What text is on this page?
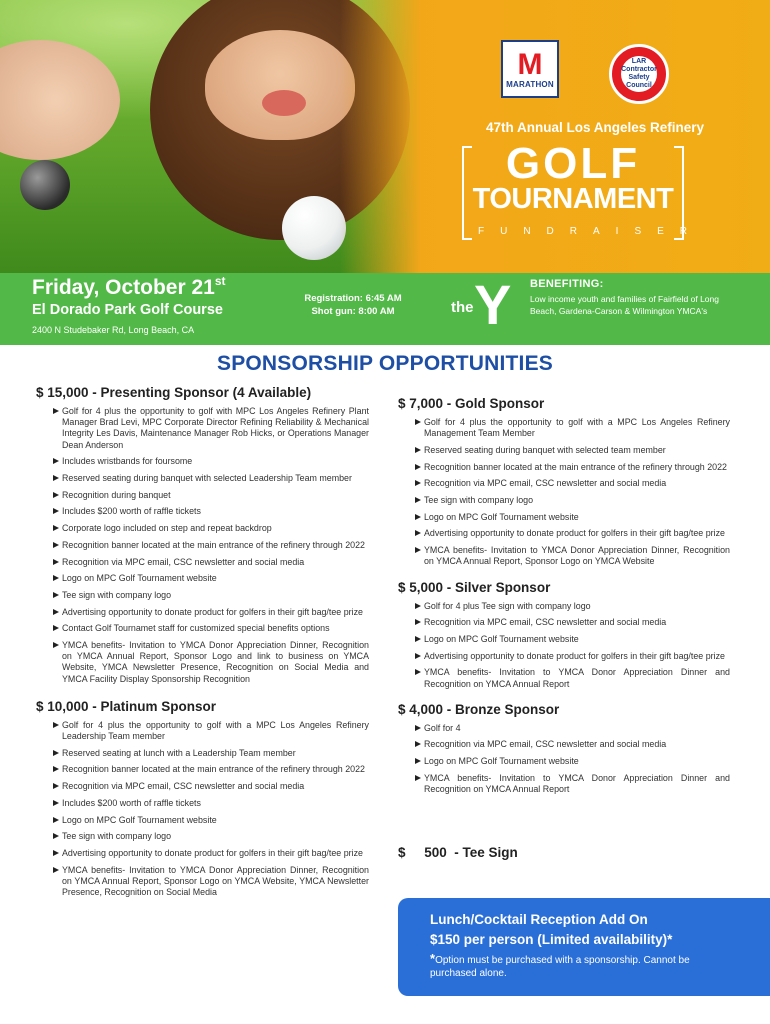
M
MARATHON
LAR
Contractor
Safety
Council
47th Annual Los Angeles Refinery
GOLF
TOURNAMENT
FUNDRAISER
Friday, October 21st
El Dorado Park Golf Course
2400 N Studebaker Rd, Long Beach, CA
Registration: 6:45 AM
Shot gun: 8:00 AM	the Y BENEFITING:
Low income youth and families of Fairfield of Long Beach, Gardena-Carson & Wilmington YMCA's
SPONSORSHIP OPPORTUNITIES
$ 15,000 - Presenting Sponsor (4 Available)
Golf for 4 plus the opportunity to golf with MPC Los Angeles Refinery Plant Manager Brad Levi, MPC Corporate Director Refining Reliability & Mechanical Integrity Les Davis, Maintenance Manager Rob Hicks, or Operations Manager Dean Anderson
Includes wristbands for foursome
Reserved seating during banquet with selected Leadership Team member
Recognition during banquet
Includes $200 worth of raffle tickets
Corporate logo included on step and repeat backdrop
Recognition banner located at the main entrance of the refinery through 2022
Recognition via MPC email, CSC newsletter and social media
Logo on MPC Golf Tournament website
Tee sign with company logo
Advertising opportunity to donate product for golfers in their gift bag/tee prize
Contact Golf Tournamet staff for customized special benefits options
YMCA benefits- Invitation to YMCA Donor Appreciation Dinner, Recognition on YMCA Annual Report, Sponsor Logo and link to business on YMCA Website, YMCA Newsletter Presence, Recognition on Social Media and YMCA Facility Display Sponsorship Recognition
$ 10,000 - Platinum Sponsor
Golf for 4 plus the opportunity to golf with a MPC Los Angeles Refinery Leadership Team member
Reserved seating at lunch with a Leadership Team member
Recognition banner located at the main entrance of the refinery through 2022
Recognition via MPC email, CSC newsletter and social media
Includes $200 worth of raffle tickets
Logo on MPC Golf Tournament website
Tee sign with company logo
Advertising opportunity to donate product for golfers in their gift bag/tee prize
YMCA benefits- Invitation to YMCA Donor Appreciation Dinner, Recognition on YMCA Annual Report, Sponsor Logo on YMCA Website, YMCA Newsletter Presence, Recognition on Social Media
$ 7,000 - Gold Sponsor
Golf for 4 plus the opportunity to golf with a MPC Los Angeles Refinery Management Team Member
Reserved seating during banquet with selected team member
Recognition banner located at the main entrance of the refinery through 2022
Recognition via MPC email, CSC newsletter and social media
Tee sign with company logo
Logo on MPC Golf Tournament website
Advertising opportunity to donate product for golfers in their gift bag/tee prize
YMCA benefits- Invitation to YMCA Donor Appreciation Dinner, Recognition on YMCA Annual Report, Sponsor Logo on YMCA Website
$ 5,000 - Silver Sponsor
Golf for 4 plus Tee sign with company logo
Recognition via MPC email, CSC newsletter and social media
Logo on MPC Golf Tournament website
Advertising opportunity to donate product for golfers in their gift bag/tee prize
YMCA benefits- Invitation to YMCA Donor Appreciation Dinner and Recognition on YMCA Annual Report
$ 4,000 - Bronze Sponsor
Golf for 4
Recognition via MPC email, CSC newsletter and social media
Logo on MPC Golf Tournament website
YMCA benefits- Invitation to YMCA Donor Appreciation Dinner and Recognition on YMCA Annual Report

$     500  - Tee Sign

Lunch/Cocktail Reception Add On
$150 per person (Limited availability)*
*Option must be purchased with a sponsorship. Cannot be purchased alone.
